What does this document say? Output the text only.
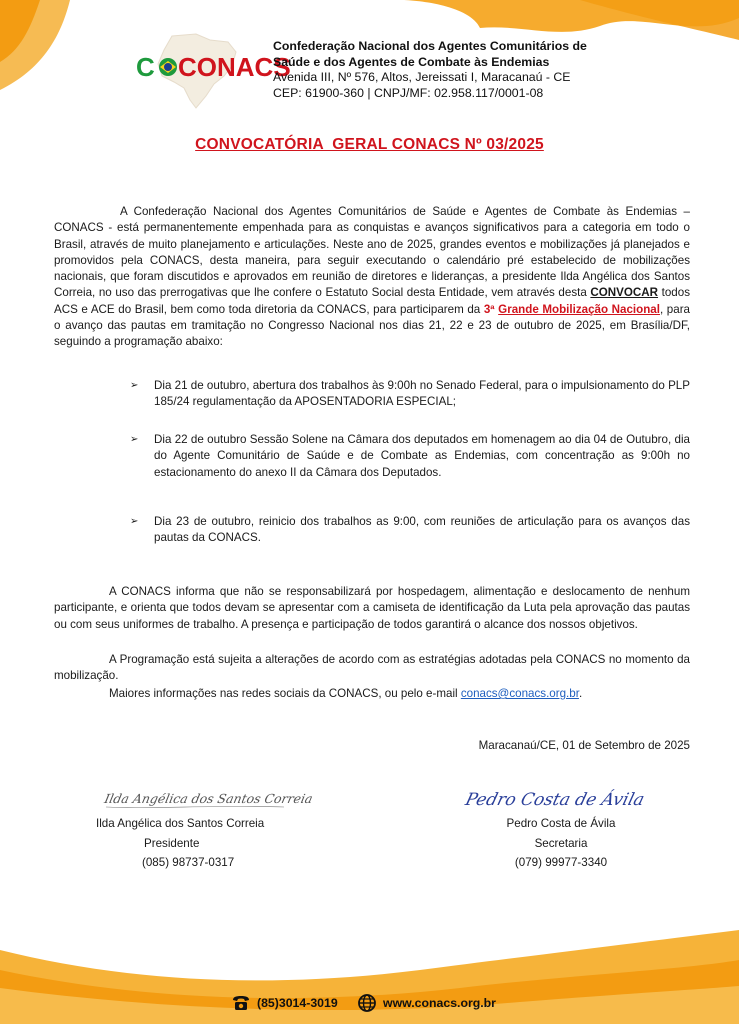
C CONACS
Confederação Nacional dos Agentes Comunitários de
Saúde e dos Agentes de Combate às Endemias
Avenida III, Nº 576, Altos, Jereissati I, Maracanaú - CE
CEP: 61900-360 | CNPJ/MF: 02.958.117/0001-08
CONVOCATÓRIA  GERAL CONACS Nº 03/2025
A Confederação Nacional dos Agentes Comunitários de Saúde e Agentes de Combate às Endemias – CONACS - está permanentemente empenhada para as conquistas e avanços significativos para a categoria em todo o Brasil, através de muito planejamento e articulações. Neste ano de 2025, grandes eventos e mobilizações já planejados e promovidos pela CONACS, desta maneira, para seguir executando o calendário pré estabelecido de mobilizações nacionais, que foram discutidos e aprovados em reunião de diretores e lideranças, a presidente Ilda Angélica dos Santos Correia, no uso das prerrogativas que lhe confere o Estatuto Social desta Entidade, vem através desta CONVOCAR todos ACS e ACE do Brasil, bem como toda diretoria da CONACS, para participarem da 3ª Grande Mobilização Nacional, para o avanço das pautas em tramitação no Congresso Nacional nos dias 21, 22 e 23 de outubro de 2025, em Brasília/DF, seguindo a programação abaixo:
➢	Dia 21 de outubro, abertura dos trabalhos às 9:00h no Senado Federal, para o impulsionamento do PLP 185/24 regulamentação da APOSENTADORIA ESPECIAL;
➢	Dia 22 de outubro Sessão Solene na Câmara dos deputados em homenagem ao dia 04 de Outubro, dia do Agente Comunitário de Saúde e de Combate as Endemias, com concentração as 9:00h no estacionamento do anexo II da Câmara dos Deputados.
➢	Dia 23 de outubro, reinicio dos trabalhos as 9:00, com reuniões de articulação para os avanços das pautas da CONACS.
A CONACS informa que não se responsabilizará por hospedagem, alimentação e deslocamento de nenhum participante, e orienta que todos devam se apresentar com a camiseta de identificação da Luta pela aprovação das pautas ou com seus uniformes de trabalho. A presença e participação de todos garantirá o alcance dos nossos objetivos.
A Programação está sujeita a alterações de acordo com as estratégias adotadas pela CONACS no momento da mobilização.
Maiores informações nas redes sociais da CONACS, ou pelo e-mail conacs@conacs.org.br.
Maracanaú/CE, 01 de Setembro de 2025
Ilda Angélica dos Santos Correia	Pedro Costa de Ávila
Ilda Angélica dos Santos Correia
Presidente
(085) 98737-0317
Pedro Costa de Ávila
Secretaria
(079) 99977-3340
(85)3014-3019	www.conacs.org.br
